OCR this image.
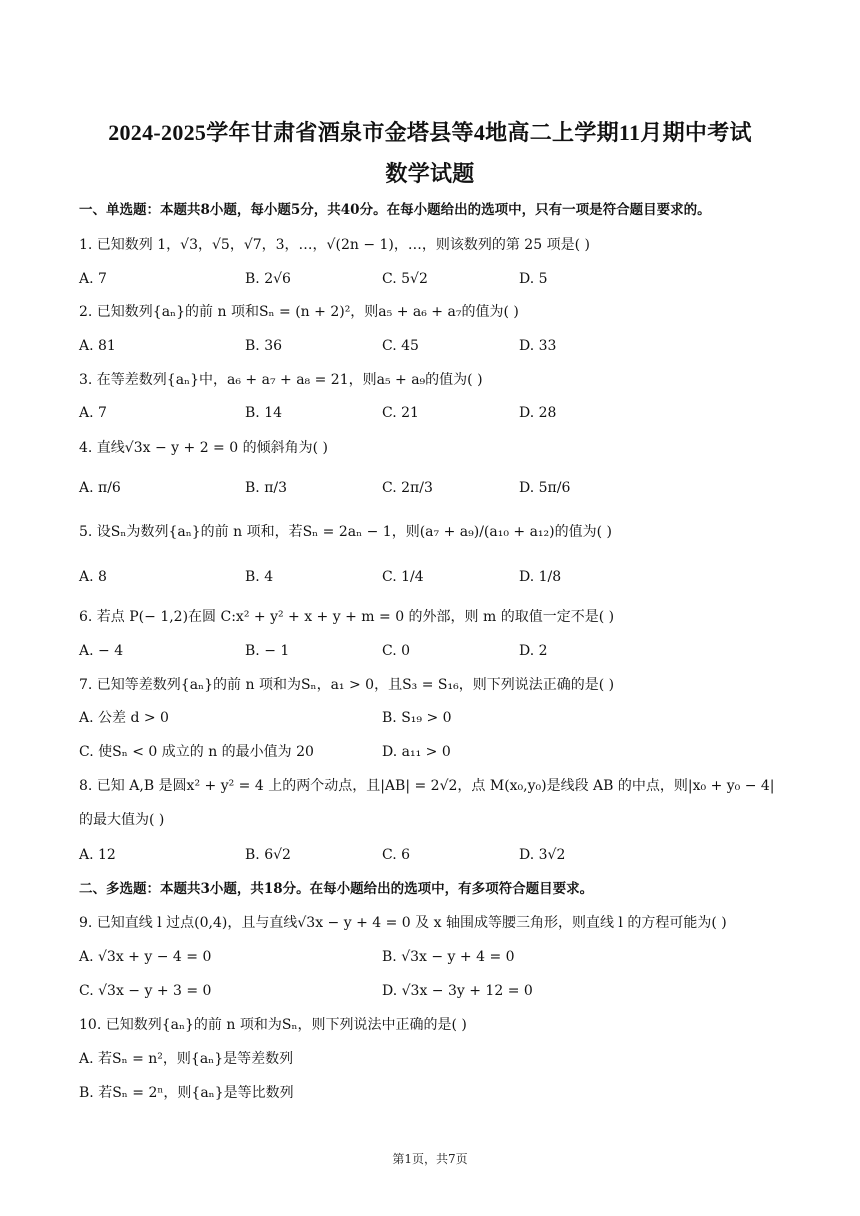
2024-2025学年甘肃省酒泉市金塔县等4地高二上学期11月期中考试
数学试题
一、单选题：本题共8小题，每小题5分，共40分。在每小题给出的选项中，只有一项是符合题目要求的。
1. 已知数列 1，√3，√5，√7，3，…，√(2n − 1)，…，则该数列的第 25 项是( )
A. 7	B. 2√6	C. 5√2	D. 5
2. 已知数列{aₙ}的前 n 项和Sₙ = (n + 2)²，则a₅ + a₆ + a₇的值为( )
A. 81	B. 36	C. 45	D. 33
3. 在等差数列{aₙ}中，a₆ + a₇ + a₈ = 21，则a₅ + a₉的值为( )
A. 7	B. 14	C. 21	D. 28
4. 直线√3x − y + 2 = 0 的倾斜角为( )
A. π/6	B. π/3	C. 2π/3	D. 5π/6
5. 设Sₙ为数列{aₙ}的前 n 项和，若Sₙ = 2aₙ − 1，则(a₇ + a₉)/(a₁₀ + a₁₂)的值为( )
A. 8	B. 4	C. 1/4	D. 1/8
6. 若点 P(− 1,2)在圆 C:x² + y² + x + y + m = 0 的外部，则 m 的取值一定不是( )
A. − 4	B. − 1	C. 0	D. 2
7. 已知等差数列{aₙ}的前 n 项和为Sₙ，a₁ > 0，且S₃ = S₁₆，则下列说法正确的是( )
A. 公差 d > 0	B. S₁₉ > 0
C. 使Sₙ < 0 成立的 n 的最小值为 20	D. a₁₁ > 0
8. 已知 A,B 是圆x² + y² = 4 上的两个动点，且|AB| = 2√2，点 M(x₀,y₀)是线段 AB 的中点，则|x₀ + y₀ − 4|
的最大值为( )
A. 12	B. 6√2	C. 6	D. 3√2
二、多选题：本题共3小题，共18分。在每小题给出的选项中，有多项符合题目要求。
9. 已知直线 l 过点(0,4)，且与直线√3x − y + 4 = 0 及 x 轴围成等腰三角形，则直线 l 的方程可能为( )
A. √3x + y − 4 = 0	B. √3x − y + 4 = 0
C. √3x − y + 3 = 0	D. √3x − 3y + 12 = 0
10. 已知数列{aₙ}的前 n 项和为Sₙ，则下列说法中正确的是( )
A. 若Sₙ = n²，则{aₙ}是等差数列
B. 若Sₙ = 2ⁿ，则{aₙ}是等比数列
第1页，共7页
